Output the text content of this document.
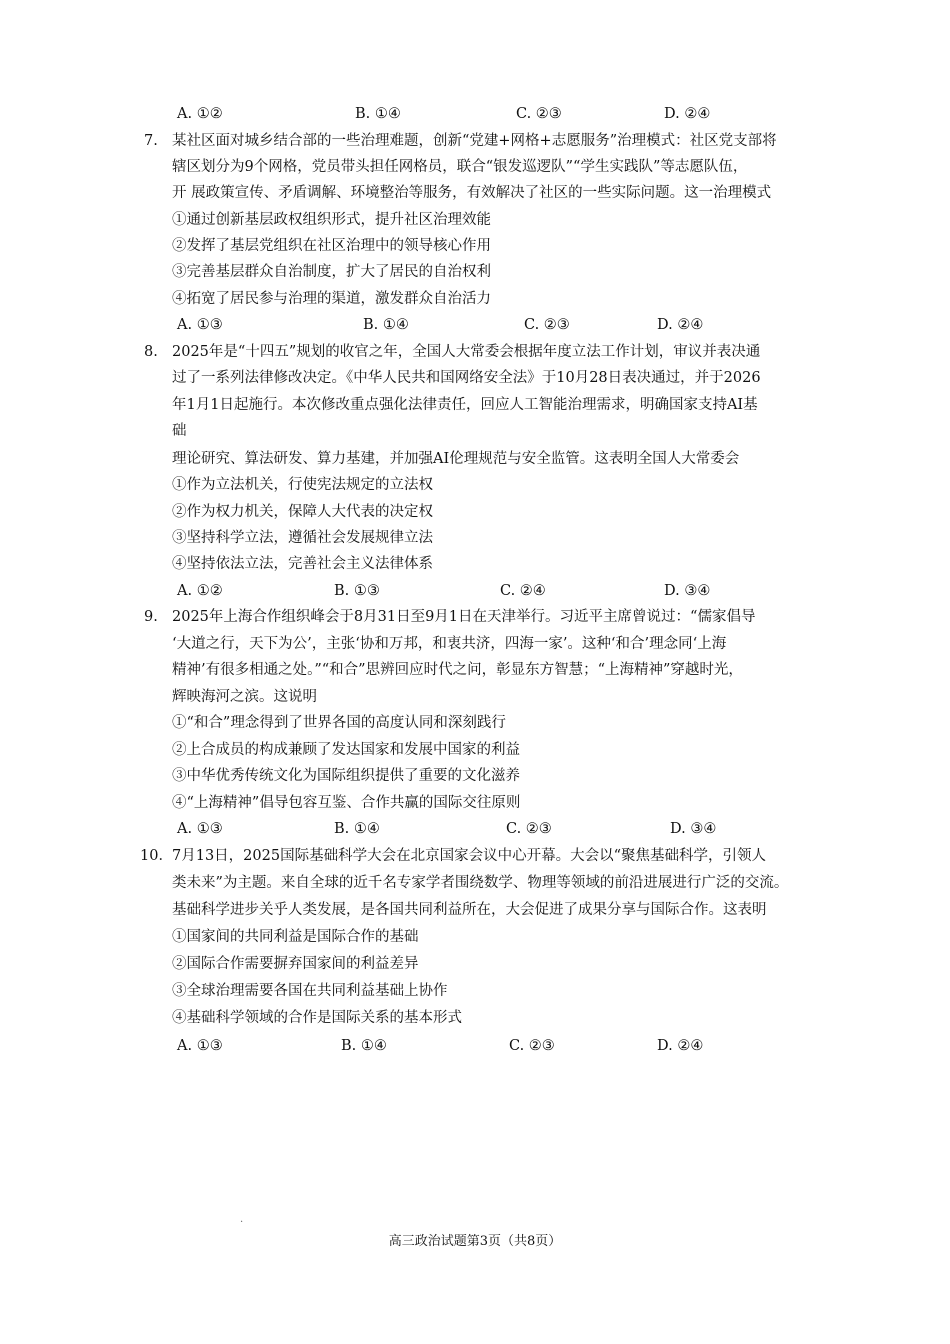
A. ①②	B. ①④	C. ②③	D. ②④
7. 某社区面对城乡结合部的一些治理难题，创新“党建+网格+志愿服务”治理模式：社区党支部将
辖区划分为9个网格，党员带头担任网格员，联合“银发巡逻队”“学生实践队”等志愿队伍，
开 展政策宣传、矛盾调解、环境整治等服务，有效解决了社区的一些实际问题。这一治理模式
①通过创新基层政权组织形式，提升社区治理效能
②发挥了基层党组织在社区治理中的领导核心作用
③完善基层群众自治制度，扩大了居民的自治权利
④拓宽了居民参与治理的渠道，激发群众自治活力
A. ①③	B. ①④	C. ②③	D. ②④
8. 2025年是“十四五”规划的收官之年，全国人大常委会根据年度立法工作计划，审议并表决通
过了一系列法律修改决定。《中华人民共和国网络安全法》于10月28日表决通过，并于2026
年1月1日起施行。本次修改重点强化法律责任，回应人工智能治理需求，明确国家支持AI基
础
理论研究、算法研发、算力基建，并加强AI伦理规范与安全监管。这表明全国人大常委会
①作为立法机关，行使宪法规定的立法权
②作为权力机关，保障人大代表的决定权
③坚持科学立法，遵循社会发展规律立法
④坚持依法立法，完善社会主义法律体系
A. ①②	B. ①③	C. ②④	D. ③④
9. 2025年上海合作组织峰会于8月31日至9月1日在天津举行。习近平主席曾说过：“儒家倡导
‘大道之行，天下为公’，主张‘协和万邦，和衷共济，四海一家’。这种‘和合’理念同‘上海
精神’有很多相通之处。”“和合”思辨回应时代之问，彰显东方智慧；“上海精神”穿越时光，
辉映海河之滨。这说明
①“和合”理念得到了世界各国的高度认同和深刻践行
②上合成员的构成兼顾了发达国家和发展中国家的利益
③中华优秀传统文化为国际组织提供了重要的文化滋养
④“上海精神”倡导包容互鉴、合作共赢的国际交往原则
A. ①③	B. ①④	C. ②③	D. ③④
10． 7月13日，2025国际基础科学大会在北京国家会议中心开幕。大会以“聚焦基础科学，引领人
类未来”为主题。来自全球的近千名专家学者围绕数学、物理等领域的前沿进展进行广泛的交流。
基础科学进步关乎人类发展，是各国共同利益所在，大会促进了成果分享与国际合作。这表明
①国家间的共同利益是国际合作的基础
②国际合作需要摒弃国家间的利益差异
③全球治理需要各国在共同利益基础上协作
④基础科学领域的合作是国际关系的基本形式
A. ①③	B. ①④	C. ②③	D. ②④
.
高三政治试题第3页（共8页）
